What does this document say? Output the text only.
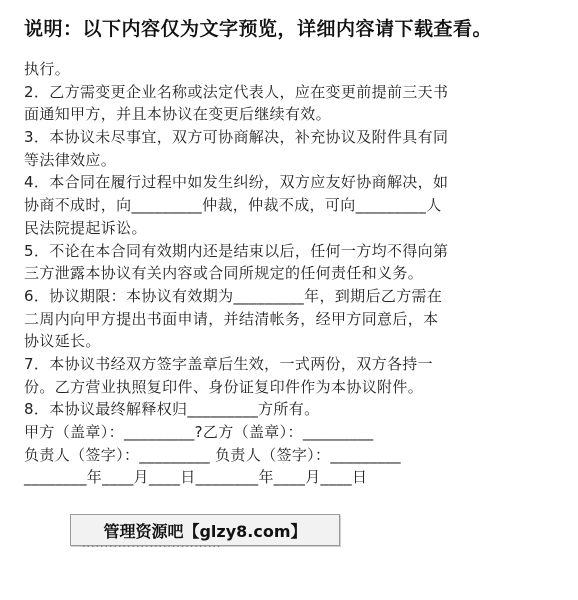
说明：以下内容仅为文字预览，详细内容请下载查看。
执行。
2．乙方需变更企业名称或法定代表人，应在变更前提前三天书
面通知甲方，并且本协议在变更后继续有效。
3．本协议未尽事宜，双方可协商解决，补充协议及附件具有同
等法律效应。
4．本合同在履行过程中如发生纠纷，双方应友好协商解决，如
协商不成时，向_________仲裁，仲裁不成，可向_________人
民法院提起诉讼。
5．不论在本合同有效期内还是结束以后，任何一方均不得向第
三方泄露本协议有关内容或合同所规定的任何责任和义务。
6．协议期限：本协议有效期为_________年，到期后乙方需在
二周内向甲方提出书面申请，并结清帐务，经甲方同意后，本
协议延长。
7．本协议书经双方签字盖章后生效，一式两份，双方各持一
份。乙方营业执照复印件、身份证复印件作为本协议附件。
8．本协议最终解释权归_________方所有。
甲方（盖章）：_________?乙方（盖章）：_________
负责人（签字）：_________ 负责人（签字）：_________
________年____月____日________年____月____日
管理资源吧【glzy8.com】
·······························
